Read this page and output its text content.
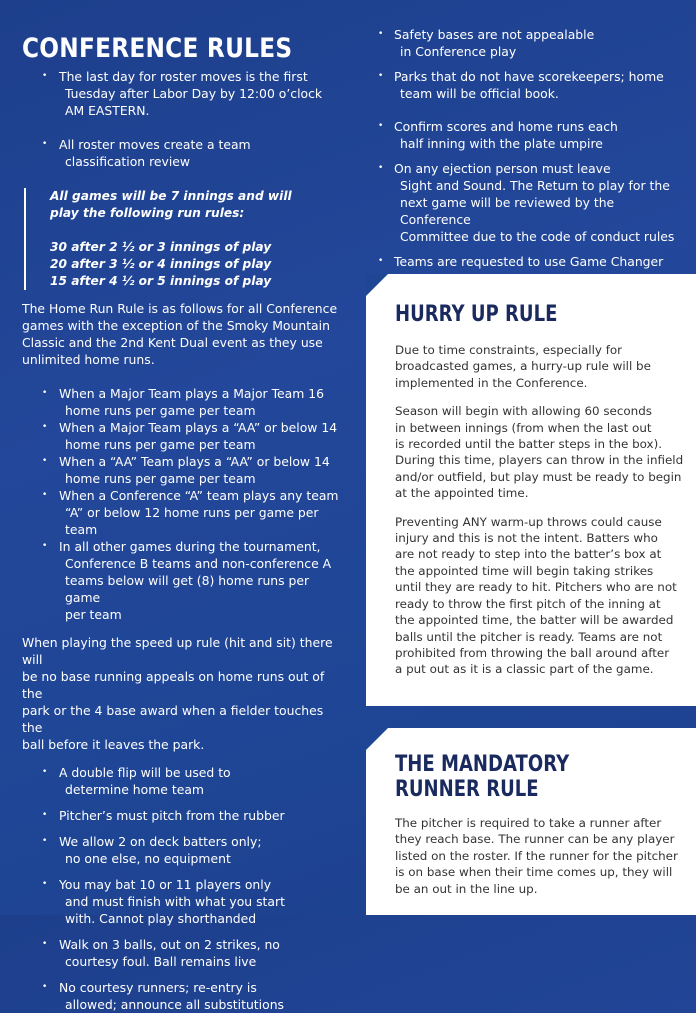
CONFERENCE RULES
• The last day for roster moves is the first
Tuesday after Labor Day by 12:00 o’clock
AM EASTERN.
• All roster moves create a team
classification review
All games will be 7 innings and will
play the following run rules:
30 after 2 ½ or 3 innings of play
20 after 3 ½ or 4 innings of play
15 after 4 ½ or 5 innings of play

The Home Run Rule is as follows for all Conference
games with the exception of the Smoky Mountain
Classic and the 2nd Kent Dual event as they use
unlimited home runs.

• When a Major Team plays a Major Team 16
home runs per game per team
• When a Major Team plays a “AA” or below 14
home runs per game per team
• When a “AA” Team plays a “AA” or below 14
home runs per game per team
• When a Conference “A” team plays any team
“A” or below 12 home runs per game per team
• In all other games during the tournament,
Conference B teams and non-conference A
teams below will get (8) home runs per game
per team

When playing the speed up rule (hit and sit) there will
be no base running appeals on home runs out of the
park or the 4 base award when a fielder touches the
ball before it leaves the park.

• A double flip will be used to
determine home team
• Pitcher’s must pitch from the rubber
• We allow 2 on deck batters only;
no one else, no equipment
• You may bat 10 or 11 players only
and must finish with what you start
with. Cannot play shorthanded
• Walk on 3 balls, out on 2 strikes, no
courtesy foul. Ball remains live
• No courtesy runners; re-entry is
allowed; announce all substitutions
• Safety bases are not appealable
in Conference play
• Parks that do not have scorekeepers; home
team will be official book.
• Confirm scores and home runs each
half inning with the plate umpire
• On any ejection person must leave
Sight and Sound. The Return to play for the
next game will be reviewed by the Conference
Committee due to the code of conduct rules
• Teams are requested to use Game Changer
HURRY UP RULE

Due to time constraints, especially for
broadcasted games, a hurry-up rule will be
implemented in the Conference.

Season will begin with allowing 60 seconds
in between innings (from when the last out
is recorded until the batter steps in the box).
During this time, players can throw in the infield
and/or outfield, but play must be ready to begin
at the appointed time.

Preventing ANY warm-up throws could cause
injury and this is not the intent. Batters who
are not ready to step into the batter’s box at
the appointed time will begin taking strikes
until they are ready to hit. Pitchers who are not
ready to throw the first pitch of the inning at
the appointed time, the batter will be awarded
balls until the pitcher is ready. Teams are not
prohibited from throwing the ball around after
a put out as it is a classic part of the game.

THE MANDATORY
RUNNER RULE

The pitcher is required to take a runner after
they reach base. The runner can be any player
listed on the roster. If the runner for the pitcher
is on base when their time comes up, they will
be an out in the line up.
